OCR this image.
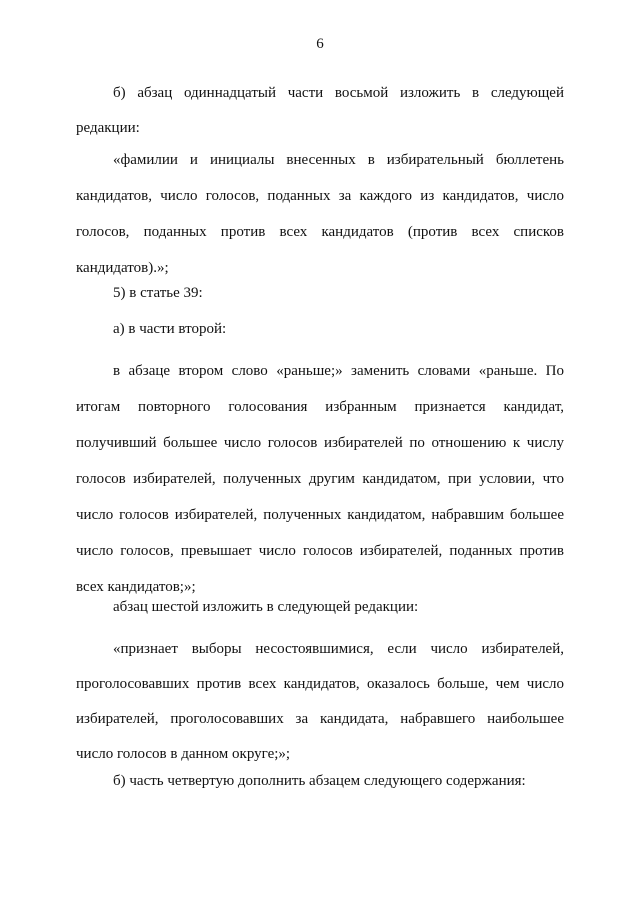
6

б) абзац одиннадцатый части восьмой изложить в следующей редакции:

«фамилии и инициалы внесенных в избирательный бюллетень кандидатов, число голосов, поданных за каждого из кандидатов, число голосов, поданных против всех кандидатов (против всех списков кандидатов).»;

5) в статье 39:

а) в части второй:

в абзаце втором слово «раньше;» заменить словами «раньше. По итогам повторного голосования избранным признается кандидат, получивший большее число голосов избирателей по отношению к числу голосов избирателей, полученных другим кандидатом, при условии, что число голосов избирателей, полученных кандидатом, набравшим большее число голосов, превышает число голосов избирателей, поданных против всех кандидатов;»;

абзац шестой изложить в следующей редакции:

«признает выборы несостоявшимися, если число избирателей, проголосовавших против всех кандидатов, оказалось больше, чем число избирателей, проголосовавших за кандидата, набравшего наибольшее число голосов в данном округе;»;

б) часть четвертую дополнить абзацем следующего содержания:
